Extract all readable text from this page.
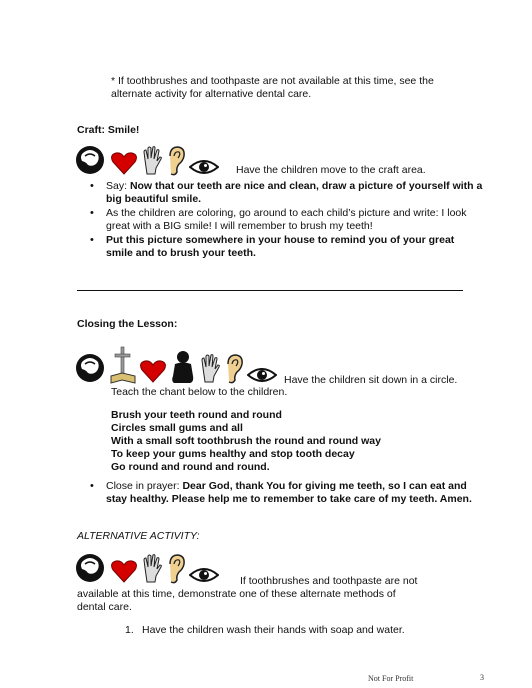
* If toothbrushes and toothpaste are not available at this time, see the
alternate activity for alternative dental care.
Craft: Smile!
Have the children move to the craft area.
• Say: Now that our teeth are nice and clean, draw a picture of yourself with a
big beautiful smile.
• As the children are coloring, go around to each child’s picture and write: I look
great with a BIG smile! I will remember to brush my teeth!
• Put this picture somewhere in your house to remind you of your great
smile and to brush your teeth.
Closing the Lesson:
Have the children sit down in a circle.
Teach the chant below to the children.
Brush your teeth round and round
Circles small gums and all
With a small soft toothbrush the round and round way
To keep your gums healthy and stop tooth decay
Go round and round and round.
• Close in prayer: Dear God, thank You for giving me teeth, so I can eat and
stay healthy. Please help me to remember to take care of my teeth. Amen.
ALTERNATIVE ACTIVITY:
If toothbrushes and toothpaste are not
available at this time, demonstrate one of these alternate methods of
dental care.
1. Have the children wash their hands with soap and water.
Not For Profit	3
